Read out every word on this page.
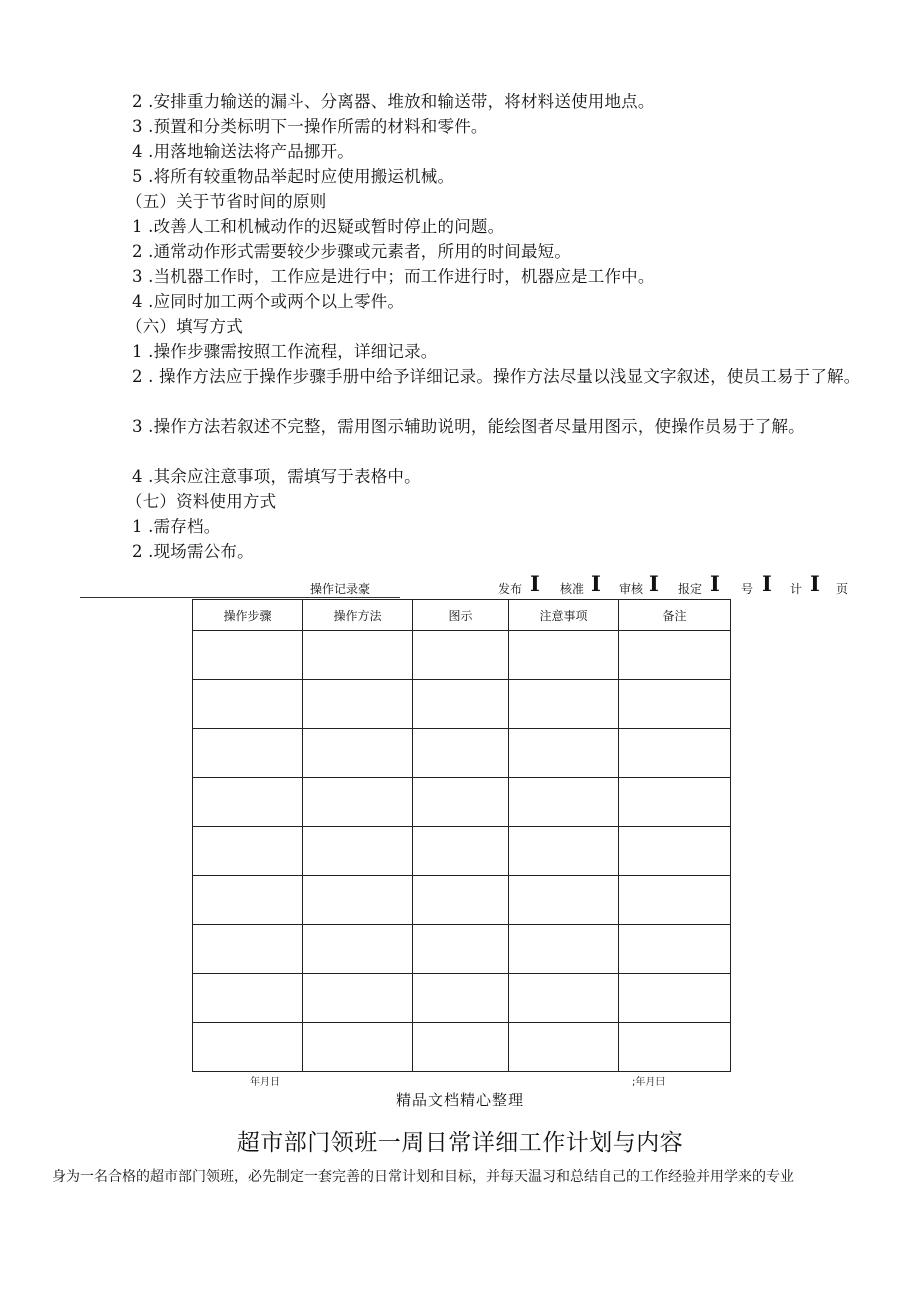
2 .安排重力输送的漏斗、分离器、堆放和输送带，将材料送使用地点。
3 .预置和分类标明下一操作所需的材料和零件。
4 .用落地输送法将产品挪开。
5 .将所有较重物品举起时应使用搬运机械。
（五）关于节省时间的原则
1 .改善人工和机械动作的迟疑或暂时停止的问题。
2 .通常动作形式需要较少步骤或元素者，所用的时间最短。
3 .当机器工作时，工作应是进行中；而工作进行时，机器应是工作中。
4 .应同时加工两个或两个以上零件。
（六）填写方式
1 .操作步骤需按照工作流程，详细记录。
2 . 操作方法应于操作步骤手册中给予详细记录。操作方法尽量以浅显文字叙述，使员工易于了解。
3 .操作方法若叙述不完整，需用图示辅助说明，能绘图者尽量用图示，使操作员易于了解。
4 .其余应注意事项，需填写于表格中。
（七）资料使用方式
1 .需存档。
2 .现场需公布。
操作记录豪	发布 I 核准 I 审核 I 报定 I 号 I 计 I 页
操作步骤	操作方法	图示	注意事项	备注

年月日	;年月曰
精品文档精心整理
超市部门领班一周日常详细工作计划与内容
身为一名合格的超市部门领班，必先制定一套完善的日常计划和目标，并每天温习和总结自己的工作经验并用学来的专业
